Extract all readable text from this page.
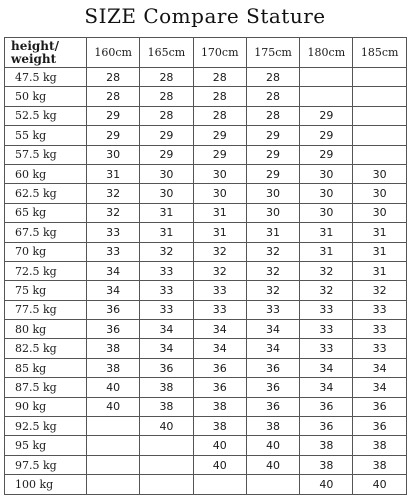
SIZE Compare Stature
height/ weight	160cm	165cm	170cm	175cm	180cm	185cm
47.5 kg	28	28	28	28		
50 kg	28	28	28	28		
52.5 kg	29	28	28	28	29	
55 kg	29	29	29	29	29	
57.5 kg	30	29	29	29	29	
60 kg	31	30	30	29	30	30
62.5 kg	32	30	30	30	30	30
65 kg	32	31	31	30	30	30
67.5 kg	33	31	31	31	31	31
70 kg	33	32	32	32	31	31
72.5 kg	34	33	32	32	32	31
75 kg	34	33	33	32	32	32
77.5 kg	36	33	33	33	33	33
80 kg	36	34	34	34	33	33
82.5 kg	38	34	34	34	33	33
85 kg	38	36	36	36	34	34
87.5 kg	40	38	36	36	34	34
90 kg	40	38	38	36	36	36
92.5 kg		40	38	38	36	36
95 kg			40	40	38	38
97.5 kg			40	40	38	38
100 kg					40	40
